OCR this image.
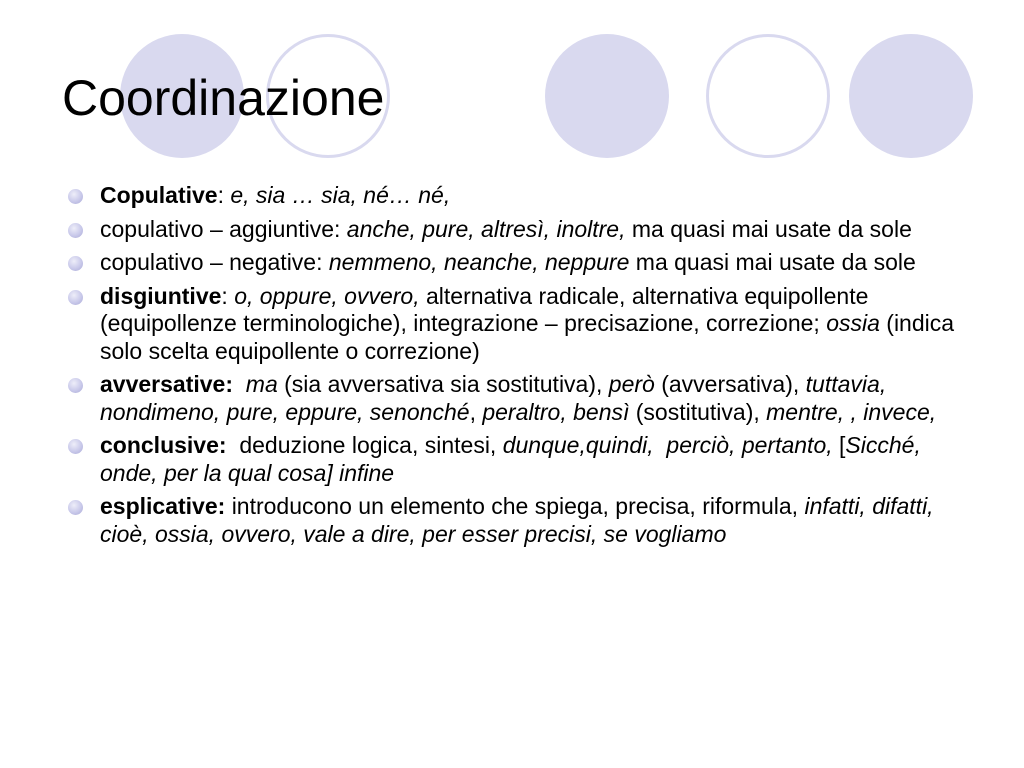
Coordinazione
Copulative: e, sia … sia, né… né,
copulativo – aggiuntive: anche, pure, altresì, inoltre, ma quasi mai usate da sole
copulativo – negative: nemmeno, neanche, neppure ma quasi mai usate da sole
disgiuntive: o, oppure, ovvero, alternativa radicale, alternativa equipollente (equipollenze terminologiche), integrazione – precisazione, correzione; ossia (indica solo scelta equipollente o correzione)
avversative: ma (sia avversativa sia sostitutiva), però (avversativa), tuttavia, nondimeno, pure, eppure, senonché, peraltro, bensì (sostitutiva), mentre, , invece,
conclusive: deduzione logica, sintesi, dunque,quindi,  perciò, pertanto, [Sicché, onde, per la qual cosa] infine
esplicative: introducono un elemento che spiega, precisa, riformula, infatti, difatti, cioè, ossia, ovvero, vale a dire, per esser precisi, se vogliamo
